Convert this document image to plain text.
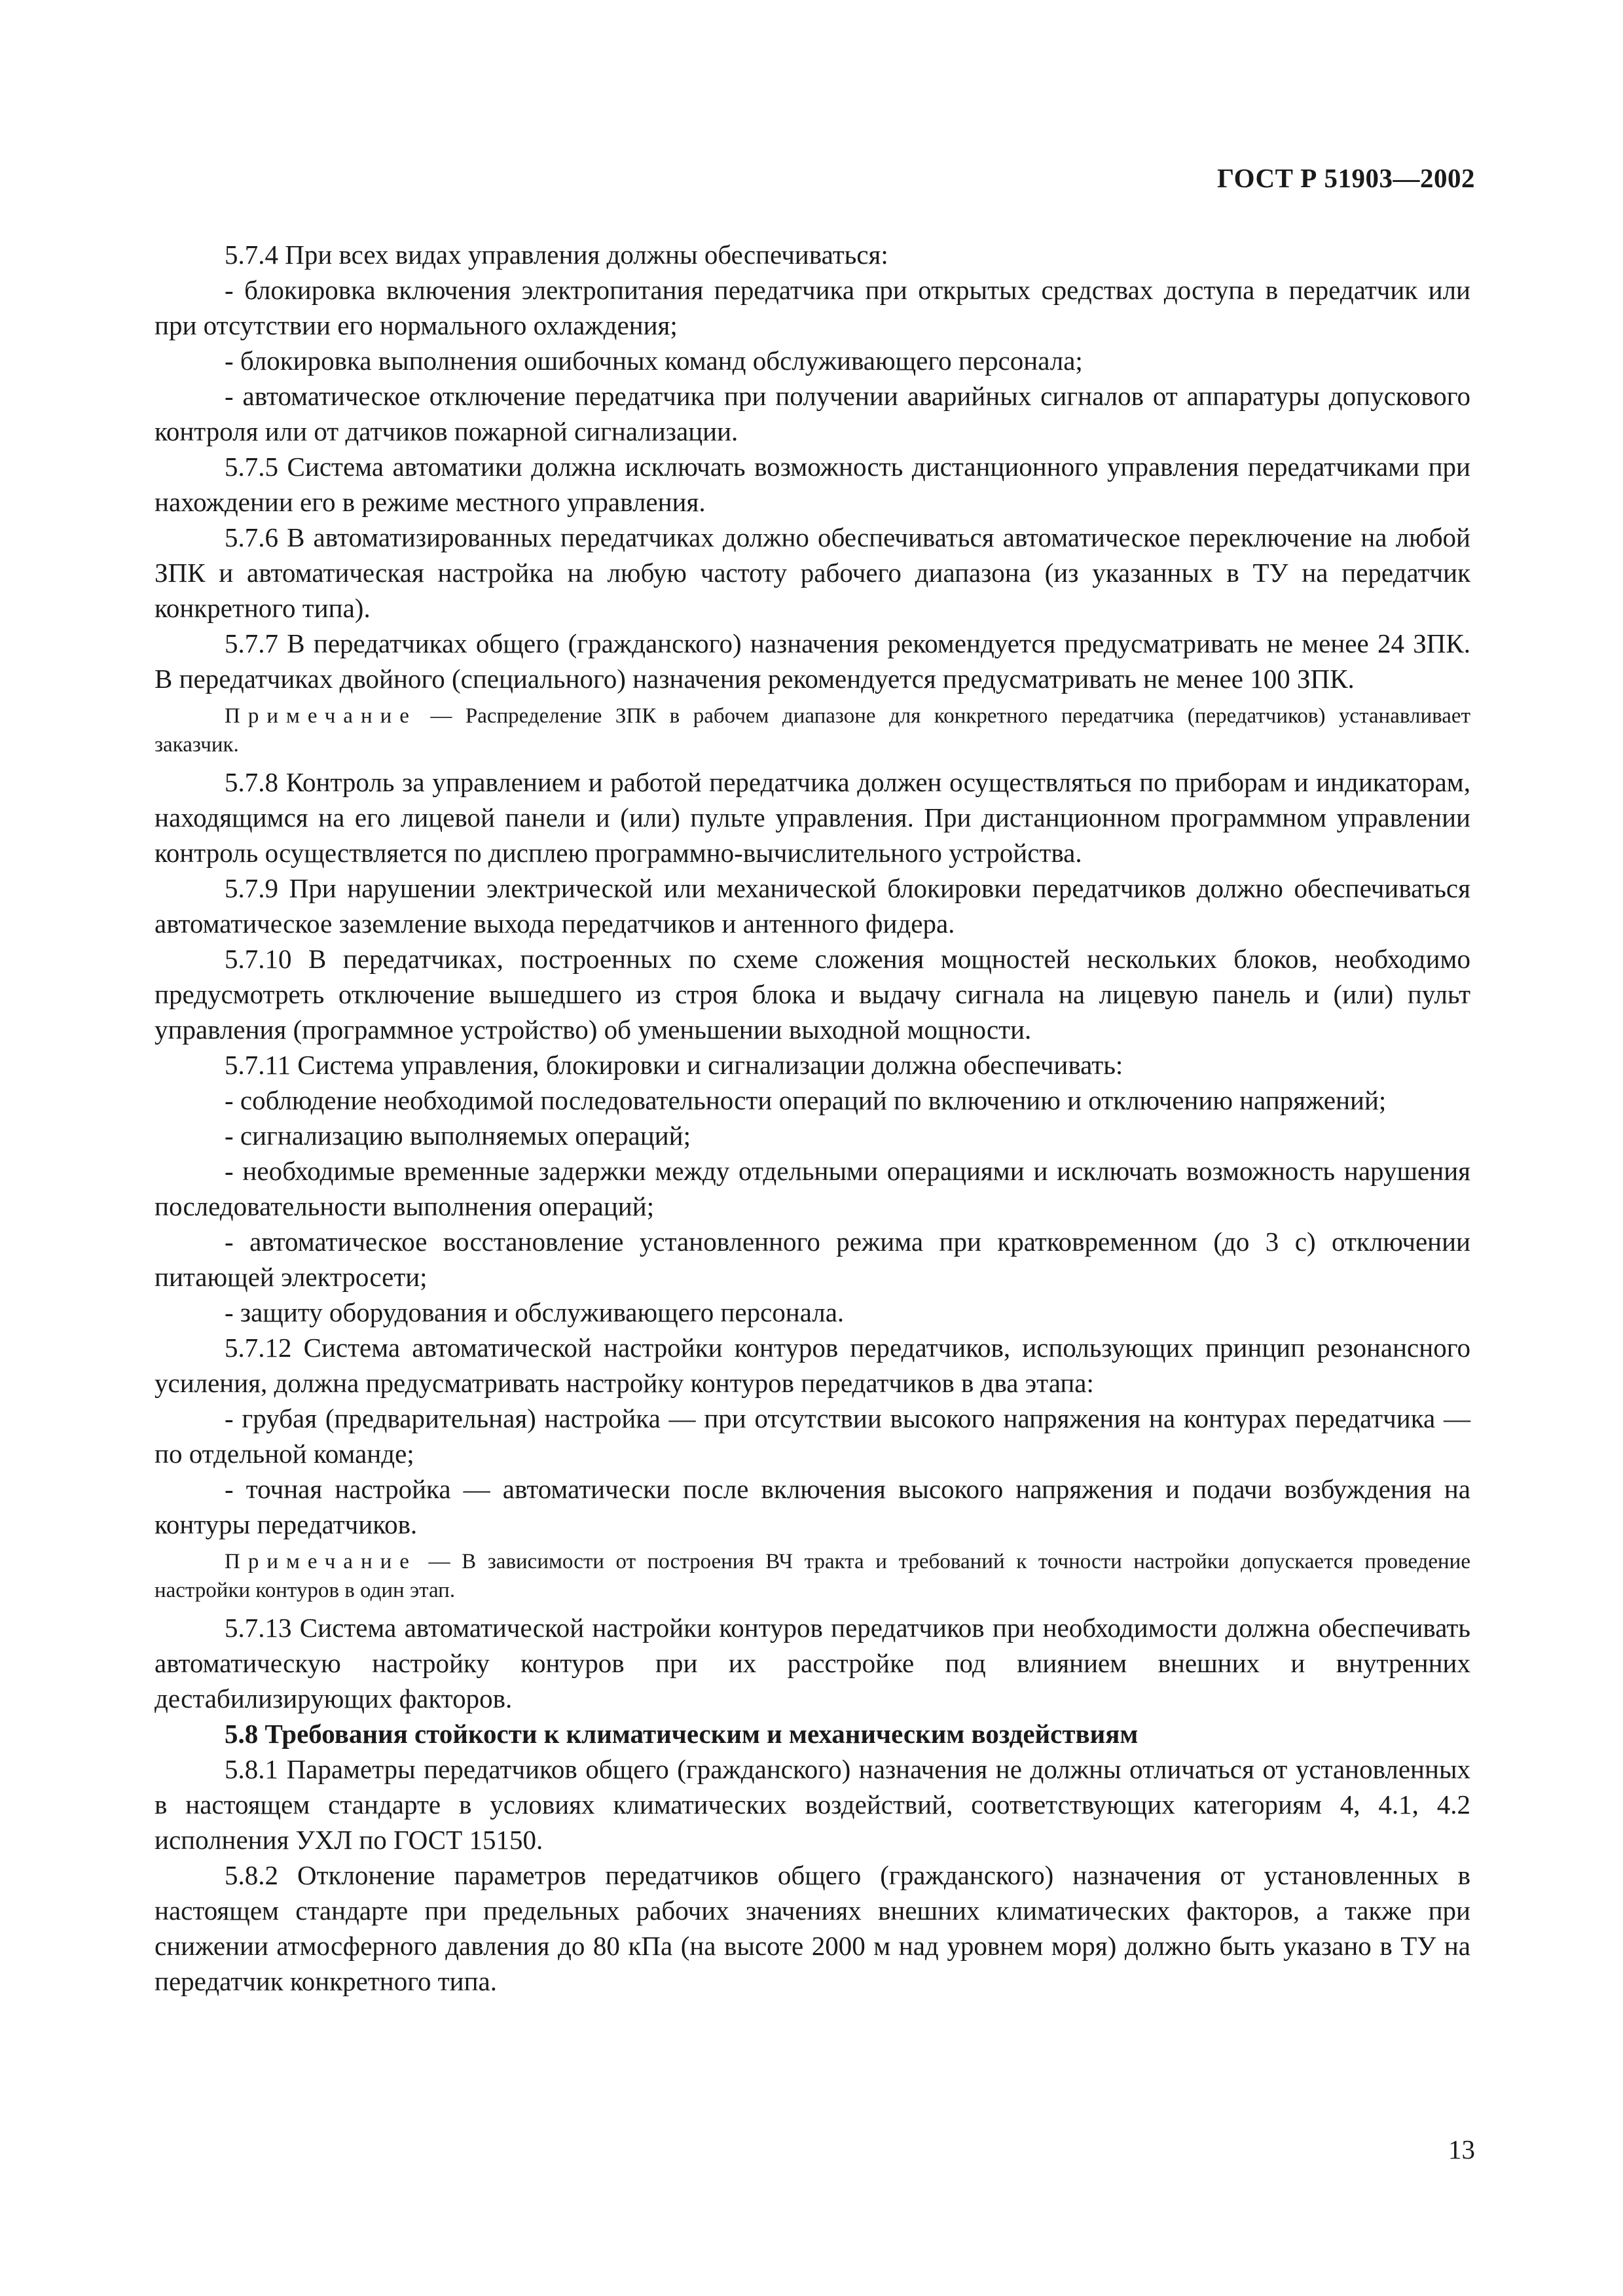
ГОСТ Р 51903—2002

5.7.4 При всех видах управления должны обеспечиваться:

- блокировка включения электропитания передатчика при открытых средствах доступа в передатчик или при отсутствии его нормального охлаждения;

- блокировка выполнения ошибочных команд обслуживающего персонала;

- автоматическое отключение передатчика при получении аварийных сигналов от аппаратуры допускового контроля или от датчиков пожарной сигнализации.

5.7.5 Система автоматики должна исключать возможность дистанционного управления передатчиками при нахождении его в режиме местного управления.

5.7.6 В автоматизированных передатчиках должно обеспечиваться автоматическое переключение на любой ЗПК и автоматическая настройка на любую частоту рабочего диапазона (из указанных в ТУ на передатчик конкретного типа).

5.7.7 В передатчиках общего (гражданского) назначения рекомендуется предусматривать не менее 24 ЗПК. В передатчиках двойного (специального) назначения рекомендуется предусматривать не менее 100 ЗПК.

Примечание — Распределение ЗПК в рабочем диапазоне для конкретного передатчика (передатчиков) устанавливает заказчик.

5.7.8 Контроль за управлением и работой передатчика должен осуществляться по приборам и индикаторам, находящимся на его лицевой панели и (или) пульте управления. При дистанционном программном управлении контроль осуществляется по дисплею программно-вычислительного устройства.

5.7.9 При нарушении электрической или механической блокировки передатчиков должно обеспечиваться автоматическое заземление выхода передатчиков и антенного фидера.

5.7.10 В передатчиках, построенных по схеме сложения мощностей нескольких блоков, необходимо предусмотреть отключение вышедшего из строя блока и выдачу сигнала на лицевую панель и (или) пульт управления (программное устройство) об уменьшении выходной мощности.

5.7.11 Система управления, блокировки и сигнализации должна обеспечивать:

- соблюдение необходимой последовательности операций по включению и отключению напряжений;

- сигнализацию выполняемых операций;

- необходимые временные задержки между отдельными операциями и исключать возможность нарушения последовательности выполнения операций;

- автоматическое восстановление установленного режима при кратковременном (до 3 с) отключении питающей электросети;

- защиту оборудования и обслуживающего персонала.

5.7.12 Система автоматической настройки контуров передатчиков, использующих принцип резонансного усиления, должна предусматривать настройку контуров передатчиков в два этапа:

- грубая (предварительная) настройка — при отсутствии высокого напряжения на контурах передатчика — по отдельной команде;

- точная настройка — автоматически после включения высокого напряжения и подачи возбуждения на контуры передатчиков.

Примечание — В зависимости от построения ВЧ тракта и требований к точности настройки допускается проведение настройки контуров в один этап.

5.7.13 Система автоматической настройки контуров передатчиков при необходимости должна обеспечивать автоматическую настройку контуров при их расстройке под влиянием внешних и внутренних дестабилизирующих факторов.

5.8 Требования стойкости к климатическим и механическим воздействиям

5.8.1 Параметры передатчиков общего (гражданского) назначения не должны отличаться от установленных в настоящем стандарте в условиях климатических воздействий, соответствующих категориям 4, 4.1, 4.2 исполнения УХЛ по ГОСТ 15150.

5.8.2 Отклонение параметров передатчиков общего (гражданского) назначения от установленных в настоящем стандарте при предельных рабочих значениях внешних климатических факторов, а также при снижении атмосферного давления до 80 кПа (на высоте 2000 м над уровнем моря) должно быть указано в ТУ на передатчик конкретного типа.

13
